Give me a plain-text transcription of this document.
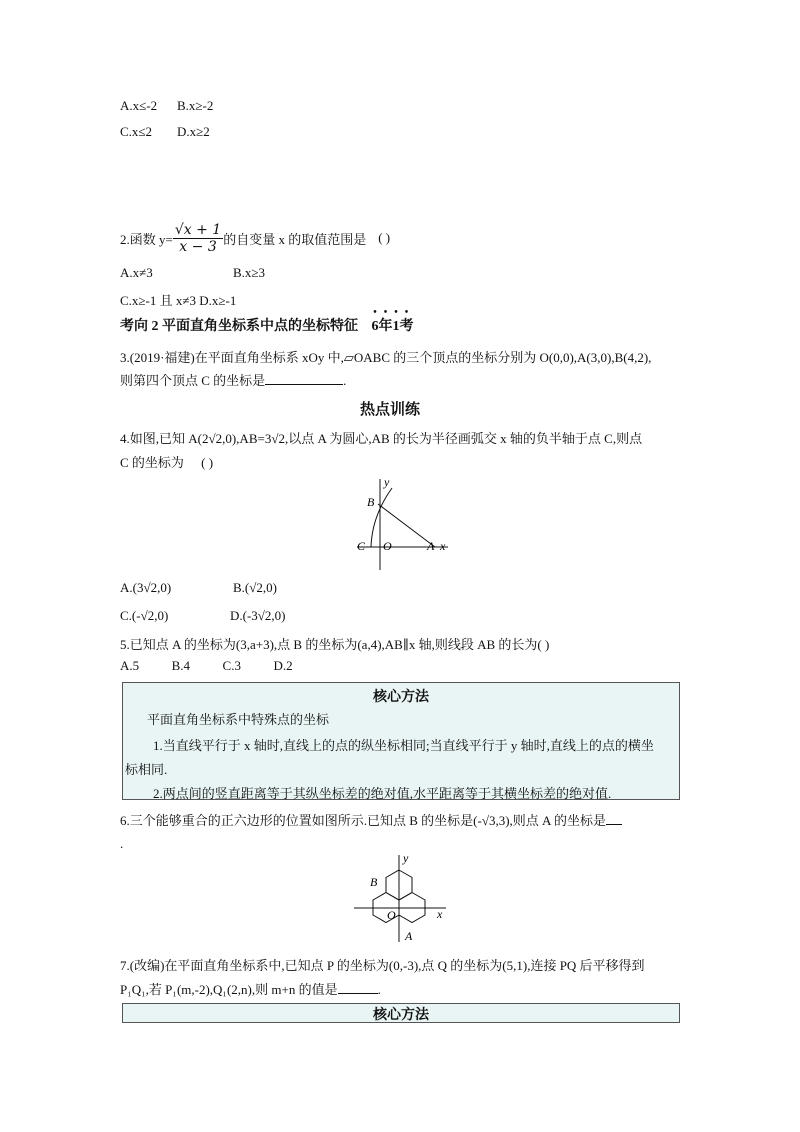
A.x≤-2 B.x≥-2
C.x≤2 D.x≥2
2.函数 $y= \frac{√x + 1}{x - 3}$ 的自变量 x 的取值范围是 ( )
A.x≠3	B.x≥3
C.x≥-1 且 x≠3 D.x≥-1
考向 2 平面直角坐标系中点的坐标特征 6 •年1 •考
3.(2019·福建)在平面直角坐标系 xOy 中,▱OABC 的三个顶点的坐标分别为 O(0,0),A(3,0),B(4,2),
则第四个顶点 C 的坐标是	.
热点训练
4.如图,已知 A(2√2,0),AB=3√2,以点 A 为圆心,AB 的长为半径画弧交 x 轴的负半轴于点 C,则点
C 的坐标为 ( )
y
B
C O	A x
A.(3√2,0)	B.(√2,0)
C.(-√2,0)	D.(-3√2,0)
5.已知点 A 的坐标为(3,a+3),点 B 的坐标为(a,4),AB∥x 轴,则线段 AB 的长为( )
A.5          B.4          C.3          D.2
核心方法
平面直角坐标系中特殊点的坐标
1.当直线平行于 x 轴时,直线上的点的纵坐标相同;当直线平行于 y 轴时,直线上的点的横坐
标相同.
2.两点间的竖直距离等于其纵坐标差的绝对值,水平距离等于其横坐标差的绝对值.
6.三个能够重合的正六边形的位置如图所示.已知点 B 的坐标是(-√3,3),则点 A 的坐标是
.
y
B
O
A
x
7.(改编)在平面直角坐标系中,已知点 P 的坐标为(0,-3),点 Q 的坐标为(5,1),连接 PQ 后平移得到
P₁Q₁,若 P₁(m,-2),Q₁(2,n),则 m+n 的值是	.
核心方法
